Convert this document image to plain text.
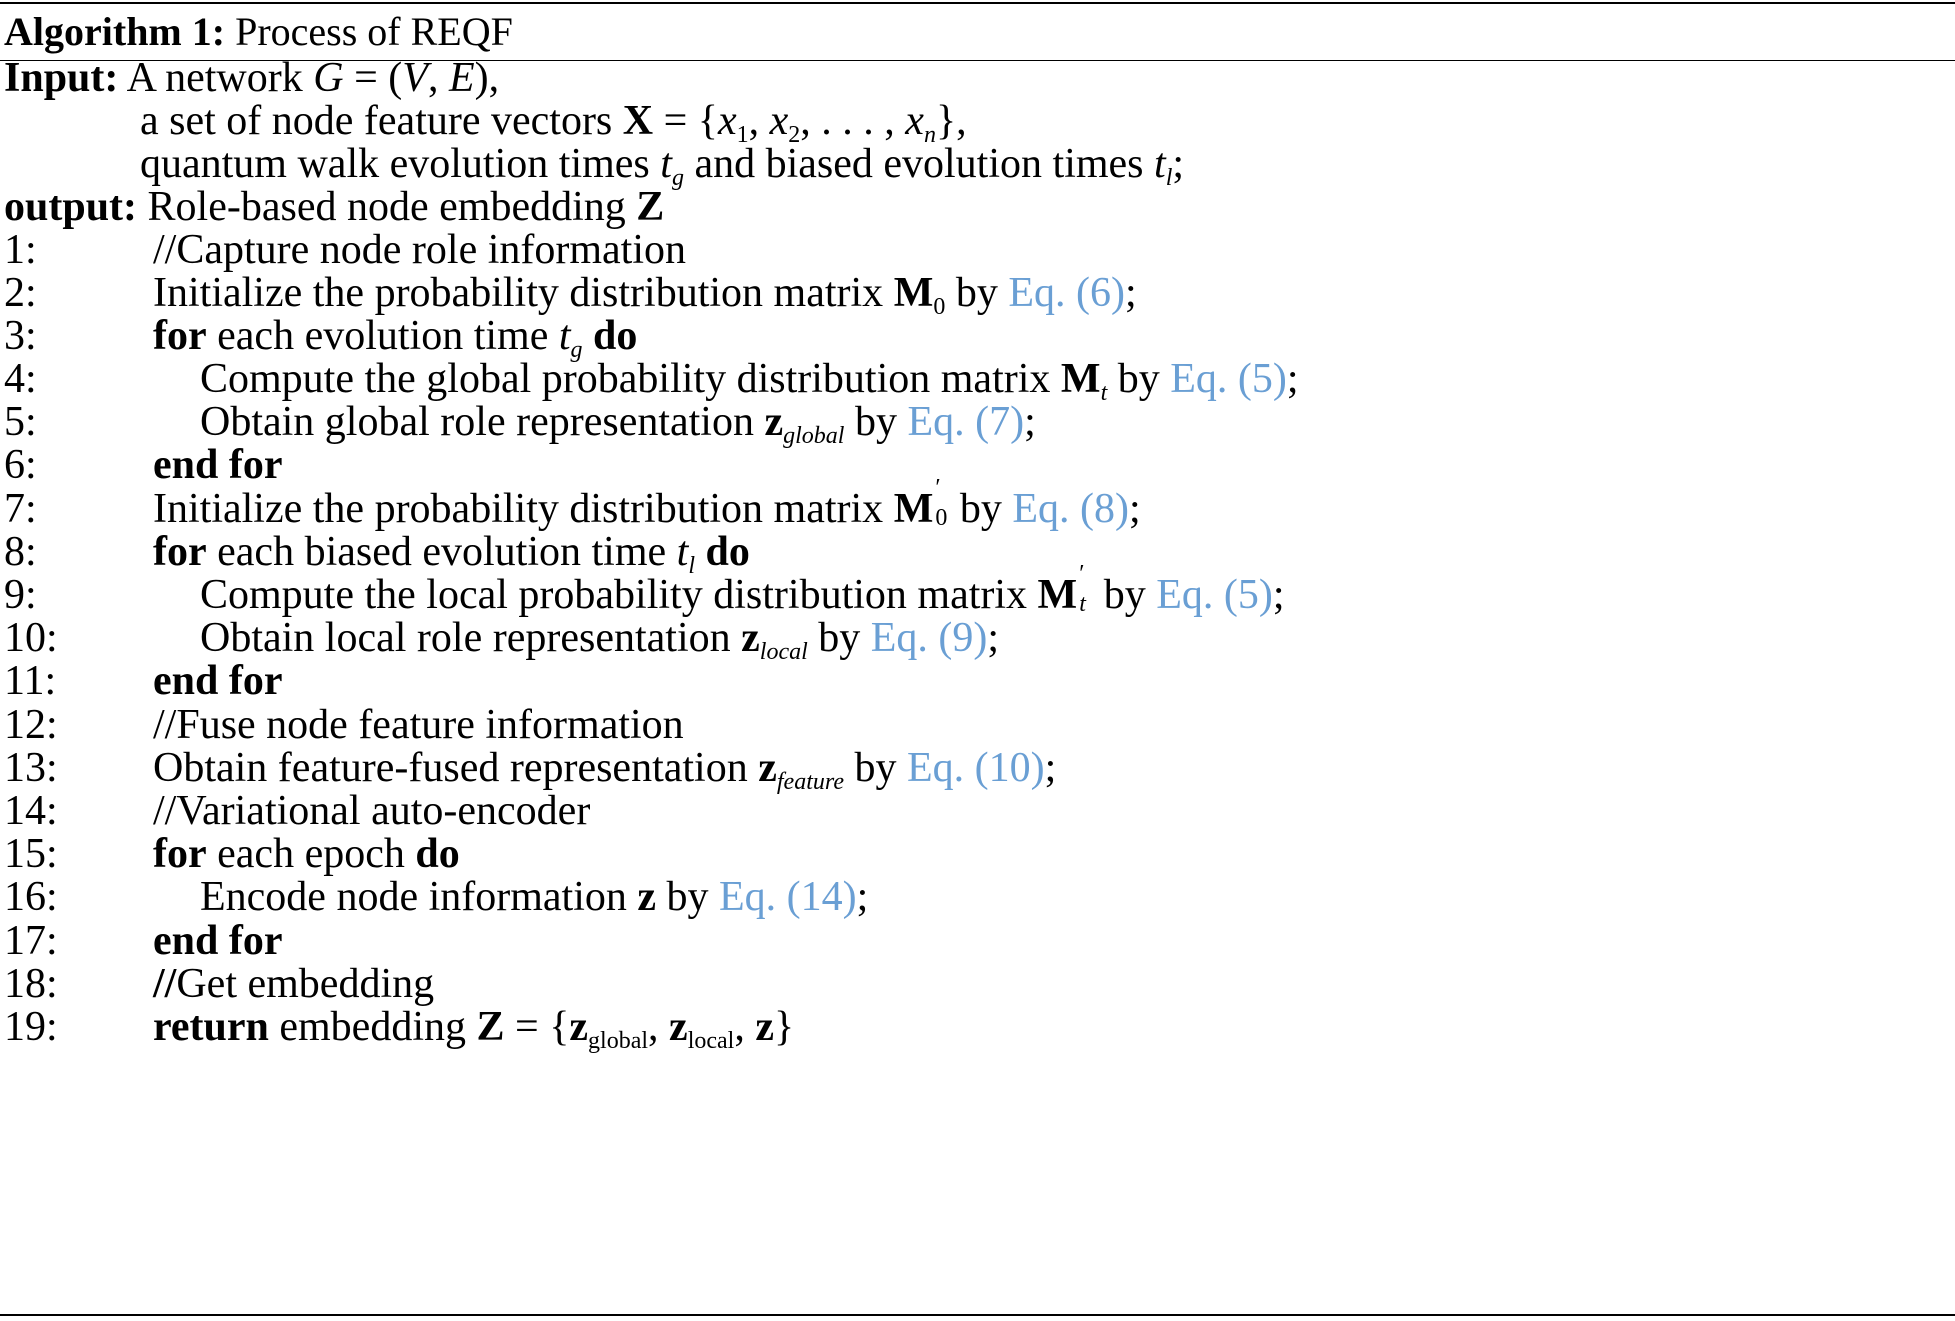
Algorithm 1: Process of REQF
Input: A network G = (V, E),
a set of node feature vectors $X = \{x_1$, $x_2$, . . . , $x_n$},
quantum walk evolution times $t_g$ and biased evolution times $t_l$;
output: Role-based node embedding Z
1:	//Capture node role information
2:	Initialize the probability distribution matrix $M_0$ by Eq. (6);
3:	for each evolution time $t_g$ do
4:	Compute the global probability distribution matrix $M_t$ by Eq. (5);
5:	Obtain global role representation $z_{global}$ by Eq. (7);
6:	end for
7:	Initialize the probability distribution matrix M ′
0 by Eq. (8);
8:	for each biased evolution time $t_l$ do
9:	Compute the local probability distribution matrix M ′
t by Eq. (5);
10:	Obtain local role representation $z_{local}$ by Eq. (9);
11: end for
12: //Fuse node feature information
13: Obtain feature-fused representation $z_{feature}$ by Eq. (10);
14: //Variational auto-encoder
15: for each epoch do
16:	Encode node information z by Eq. (14);
17: end for
18: //Get embedding
19: return embedding $Z = \{z_{global}$, $z_{local}$, z}
